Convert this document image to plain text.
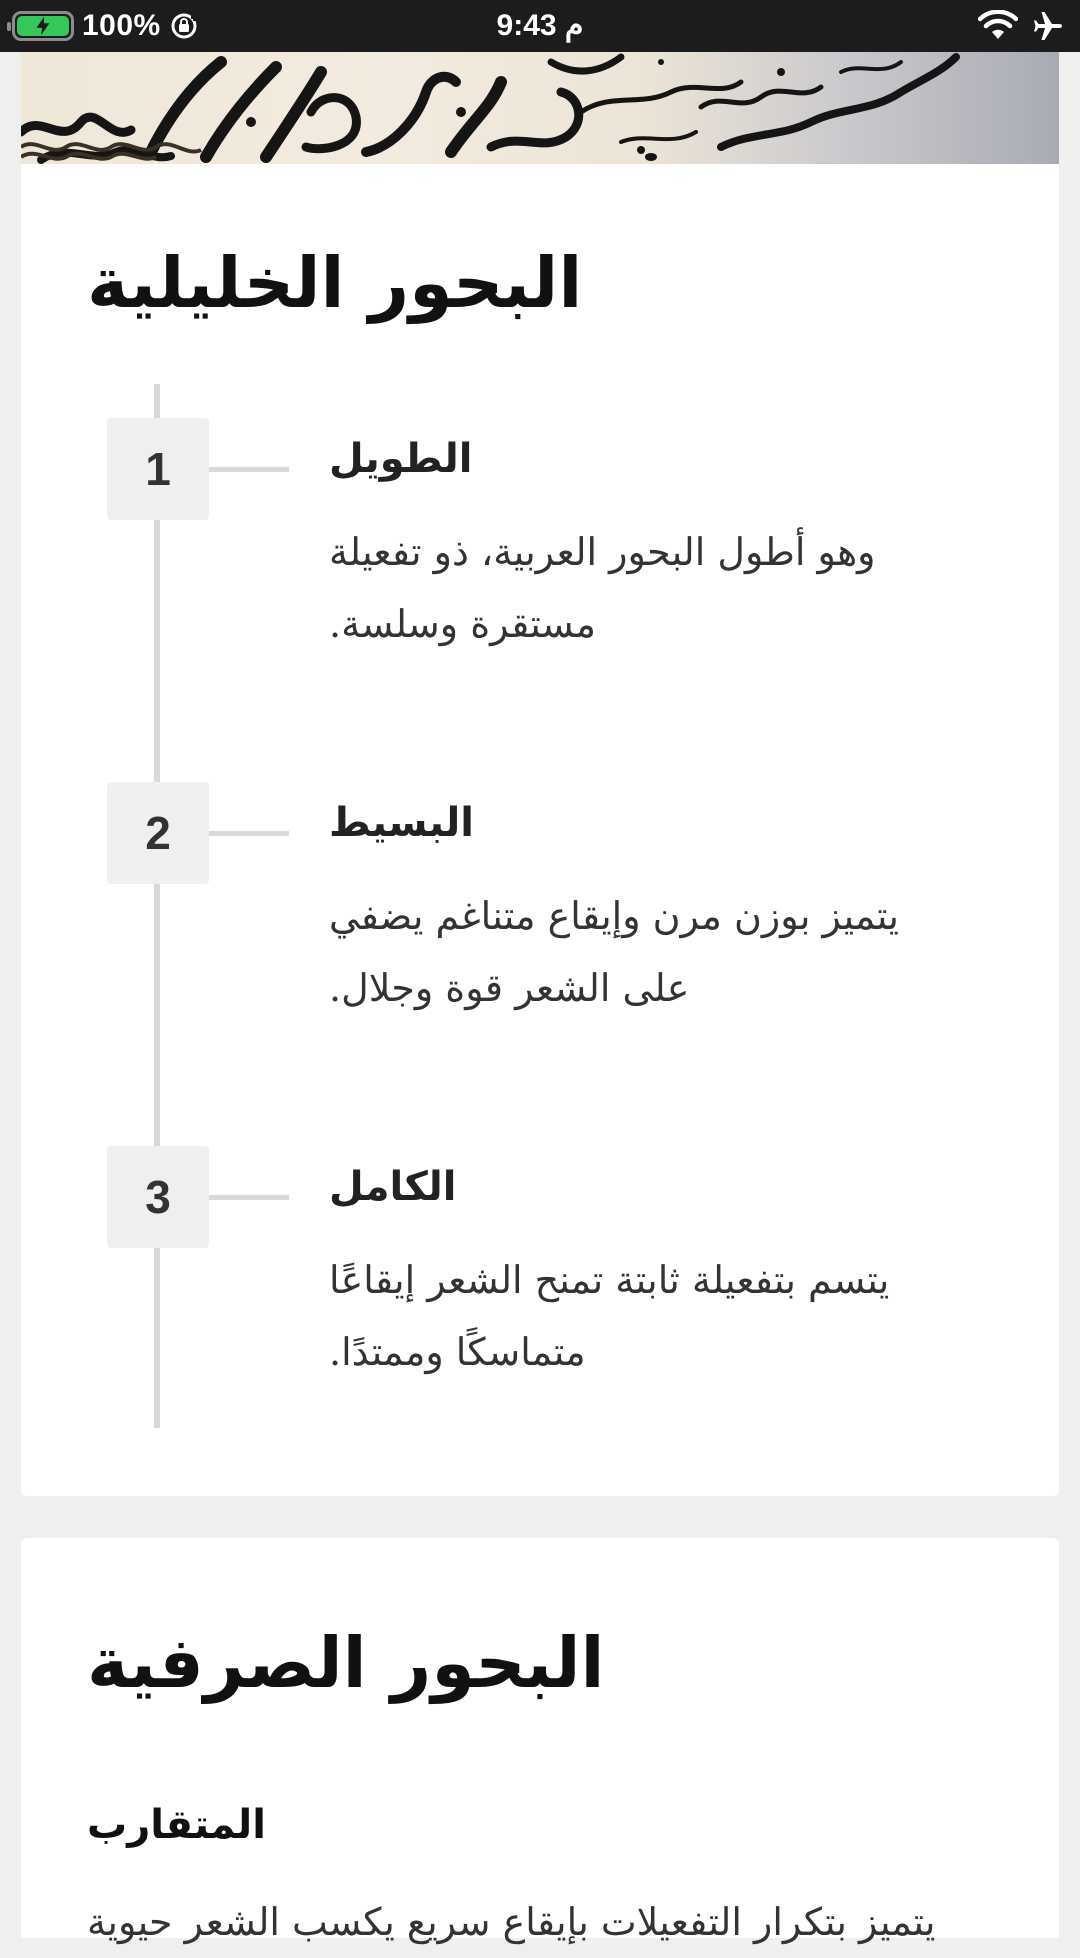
100%	9:43 م
البحور الخليلية
1	الطويل
وهو أطول البحور العربية، ذو تفعيلة مستقرة وسلسة.
2	البسيط
يتميز بوزن مرن وإيقاع متناغم يضفي على الشعر قوة وجلال.
3	الكامل
يتسم بتفعيلة ثابتة تمنح الشعر إيقاعًا متماسكًا وممتدًا.
البحور الصرفية
المتقارب
يتميز بتكرار التفعيلات بإيقاع سريع يكسب الشعر حيوية
